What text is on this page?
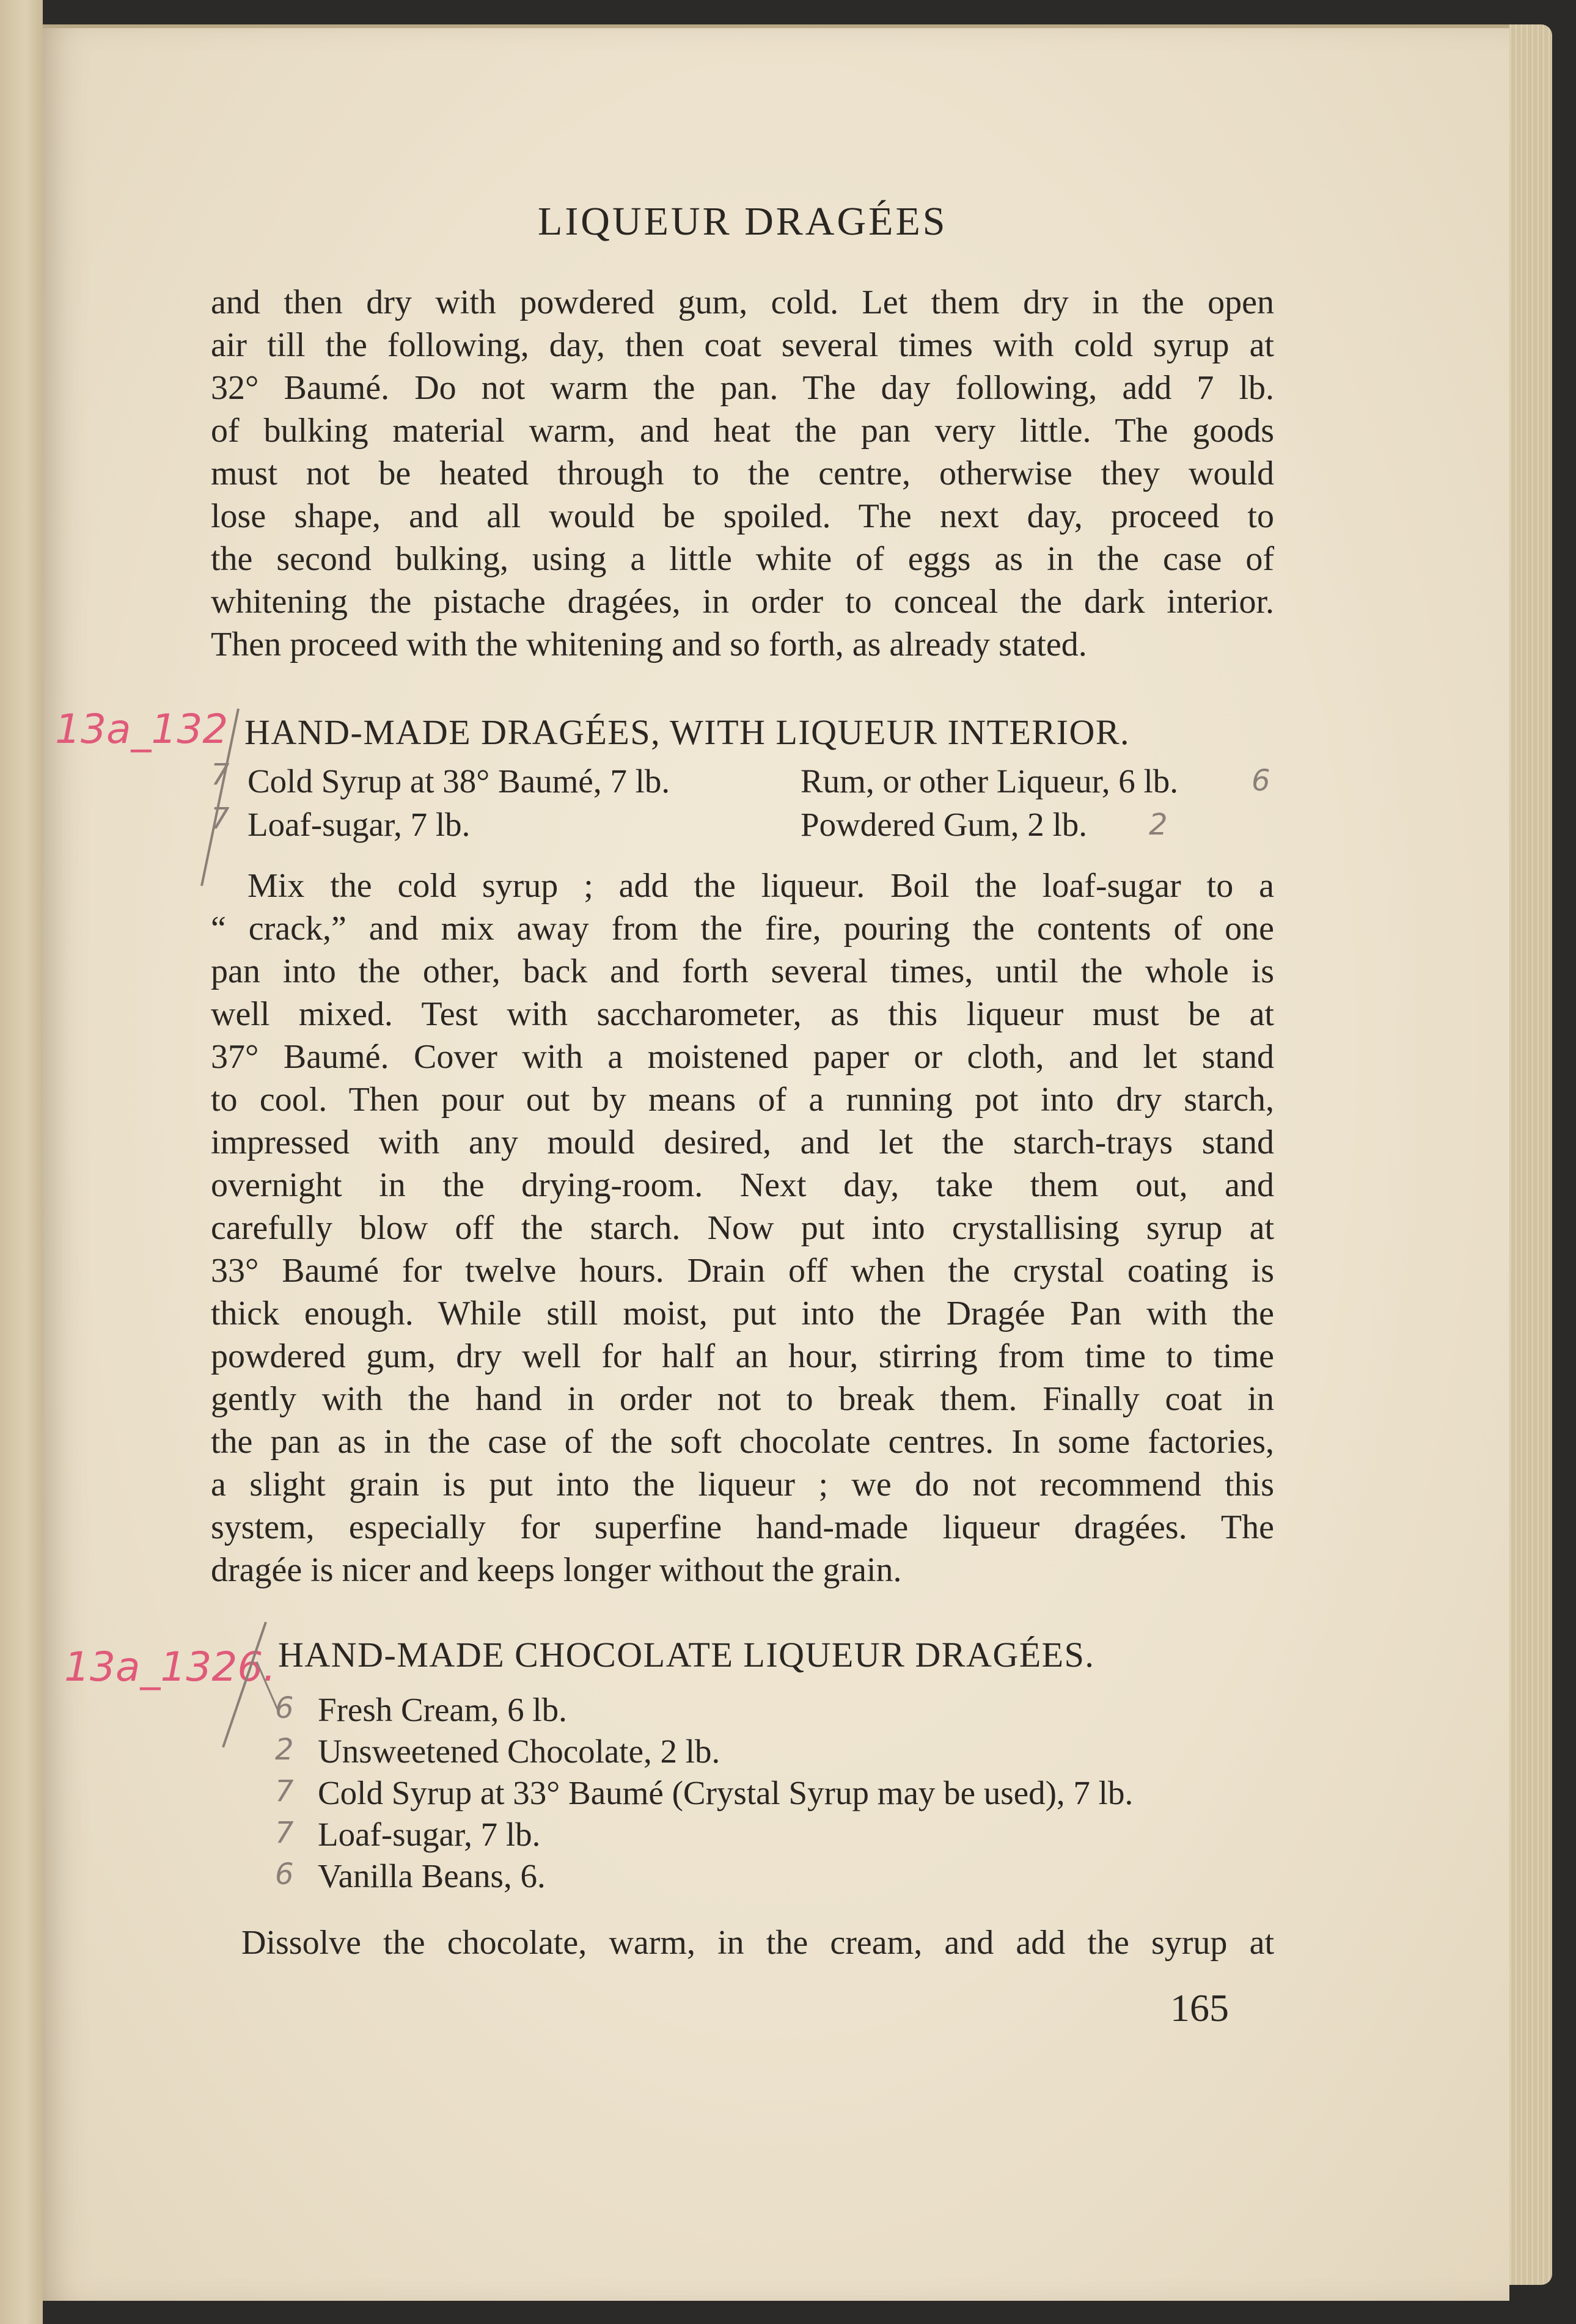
LIQUEUR DRAGÉES
and then dry with powdered gum, cold. Let them dry in the open
air till the following, day, then coat several times with cold syrup at
32° Baumé. Do not warm the pan. The day following, add 7 lb.
of bulking material warm, and heat the pan very little. The goods
must not be heated through to the centre, otherwise they would
lose shape, and all would be spoiled. The next day, proceed to
the second bulking, using a little white of eggs as in the case of
whitening the pistache dragées, in order to conceal the dark interior.
Then proceed with the whitening and so forth, as already stated.
HAND-MADE DRAGÉES, WITH LIQUEUR INTERIOR.
Cold Syrup at 38° Baumé, 7 lb.	Rum, or other Liqueur, 6 lb.
Loaf-sugar, 7 lb.	Powdered Gum, 2 lb.
Mix the cold syrup ; add the liqueur. Boil the loaf-sugar to a
“ crack,” and mix away from the fire, pouring the contents of one
pan into the other, back and forth several times, until the whole is
well mixed. Test with saccharometer, as this liqueur must be at
37° Baumé. Cover with a moistened paper or cloth, and let stand
to cool. Then pour out by means of a running pot into dry starch,
impressed with any mould desired, and let the starch-trays stand
overnight in the drying-room. Next day, take them out, and
carefully blow off the starch. Now put into crystallising syrup at
33° Baumé for twelve hours. Drain off when the crystal coating is
thick enough. While still moist, put into the Dragée Pan with the
powdered gum, dry well for half an hour, stirring from time to time
gently with the hand in order not to break them. Finally coat in
the pan as in the case of the soft chocolate centres. In some factories,
a slight grain is put into the liqueur ; we do not recommend this
system, especially for superfine hand-made liqueur dragées. The
dragée is nicer and keeps longer without the grain.
HAND-MADE CHOCOLATE LIQUEUR DRAGÉES.
Fresh Cream, 6 lb.
Unsweetened Chocolate, 2 lb.
Cold Syrup at 33° Baumé (Crystal Syrup may be used), 7 lb.
Loaf-sugar, 7 lb.
Vanilla Beans, 6.
Dissolve the chocolate, warm, in the cream, and add the syrup at
165
13a_132
13a_1326.
7
7
6
2
6
2
7
7
6
